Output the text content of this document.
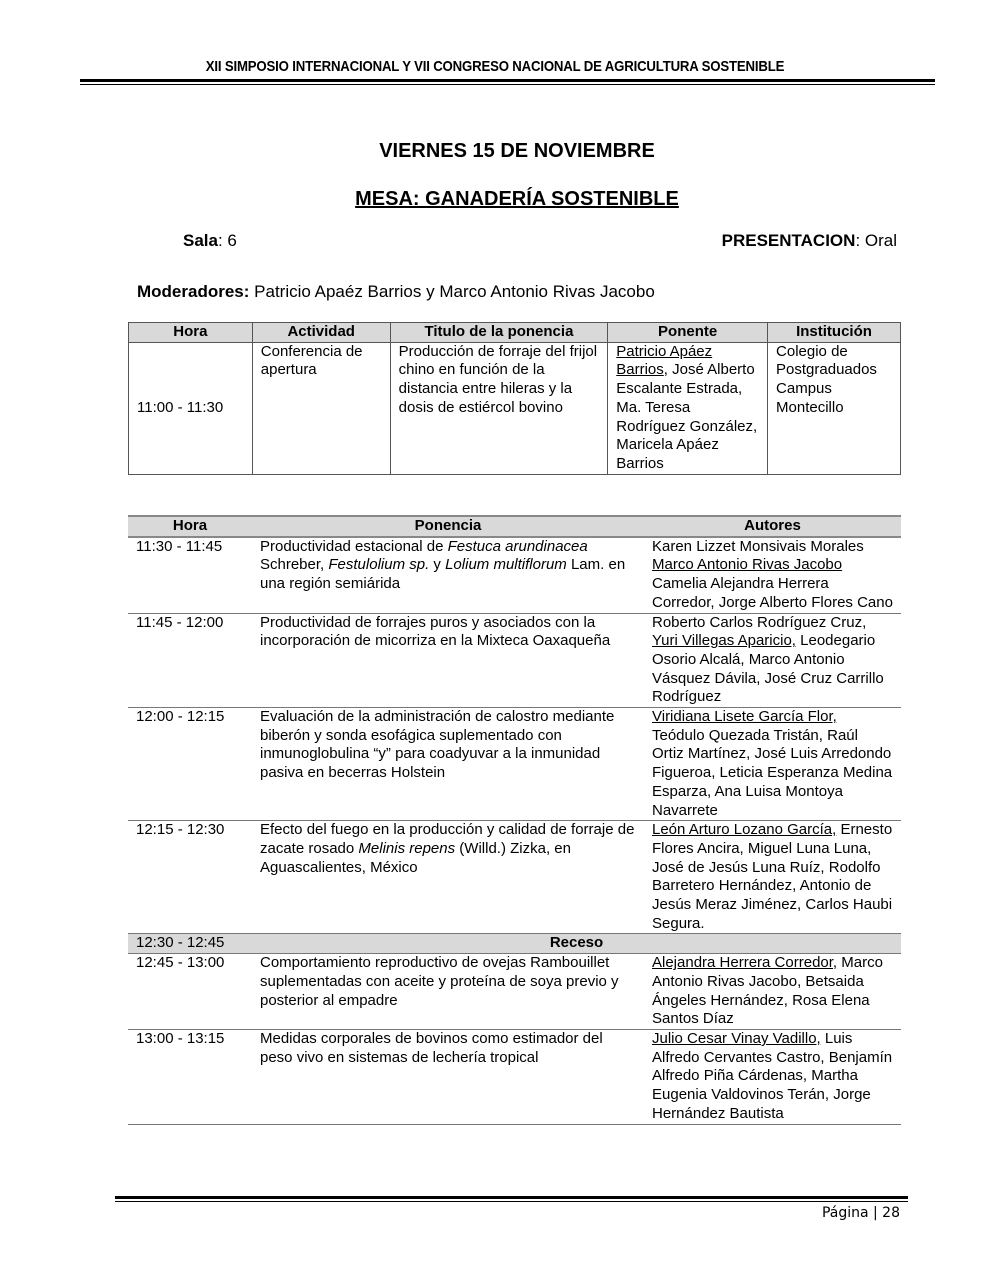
XII SIMPOSIO INTERNACIONAL Y VII CONGRESO NACIONAL DE AGRICULTURA SOSTENIBLE
VIERNES 15 DE NOVIEMBRE
MESA: GANADERÍA SOSTENIBLE
Sala: 6	PRESENTACION: Oral
Moderadores: Patricio Apaéz Barrios y Marco Antonio Rivas Jacobo
Hora	Actividad	Titulo de la ponencia	Ponente	Institución
11:00 - 11:30	Conferencia de apertura	Producción de forraje del frijol chino en función de la distancia entre hileras y la dosis de estiércol bovino	Patricio Apáez Barrios, José Alberto Escalante Estrada, Ma. Teresa Rodríguez González, Maricela Apáez Barrios	Colegio de Postgraduados Campus Montecillo
Hora	Ponencia	Autores
11:30 - 11:45	Productividad estacional de Festuca arundinacea Schreber, Festulolium sp. y Lolium multiflorum Lam. en una región semiárida	Karen Lizzet Monsivais Morales Marco Antonio Rivas Jacobo Camelia Alejandra Herrera Corredor, Jorge Alberto Flores Cano
11:45 - 12:00	Productividad de forrajes puros y asociados con la incorporación de micorriza en la Mixteca Oaxaqueña	Roberto Carlos Rodríguez Cruz, Yuri Villegas Aparicio, Leodegario Osorio Alcalá, Marco Antonio Vásquez Dávila, José Cruz Carrillo Rodríguez
12:00 - 12:15	Evaluación de la administración de calostro mediante biberón y sonda esofágica suplementado con inmunoglobulina “y” para coadyuvar a la inmunidad pasiva en becerras Holstein	Viridiana Lisete García Flor, Teódulo Quezada Tristán, Raúl Ortiz Martínez, José Luis Arredondo Figueroa, Leticia Esperanza Medina Esparza, Ana Luisa Montoya Navarrete
12:15 - 12:30	Efecto del fuego en la producción y calidad de forraje de zacate rosado Melinis repens (Willd.) Zizka, en Aguascalientes, México	León Arturo Lozano García, Ernesto Flores Ancira, Miguel Luna Luna, José de Jesús Luna Ruíz, Rodolfo Barretero Hernández, Antonio de Jesús Meraz Jiménez, Carlos Haubi Segura.
12:30 - 12:45	Receso	
12:45 - 13:00	Comportamiento reproductivo de ovejas Rambouillet suplementadas con aceite y proteína de soya previo y posterior al empadre	Alejandra Herrera Corredor, Marco Antonio Rivas Jacobo, Betsaida Ángeles Hernández, Rosa Elena Santos Díaz
13:00 - 13:15	Medidas corporales de bovinos como estimador del peso vivo en sistemas de lechería tropical	Julio Cesar Vinay Vadillo, Luis Alfredo Cervantes Castro, Benjamín Alfredo Piña Cárdenas, Martha Eugenia Valdovinos Terán, Jorge Hernández Bautista
Página | 28
